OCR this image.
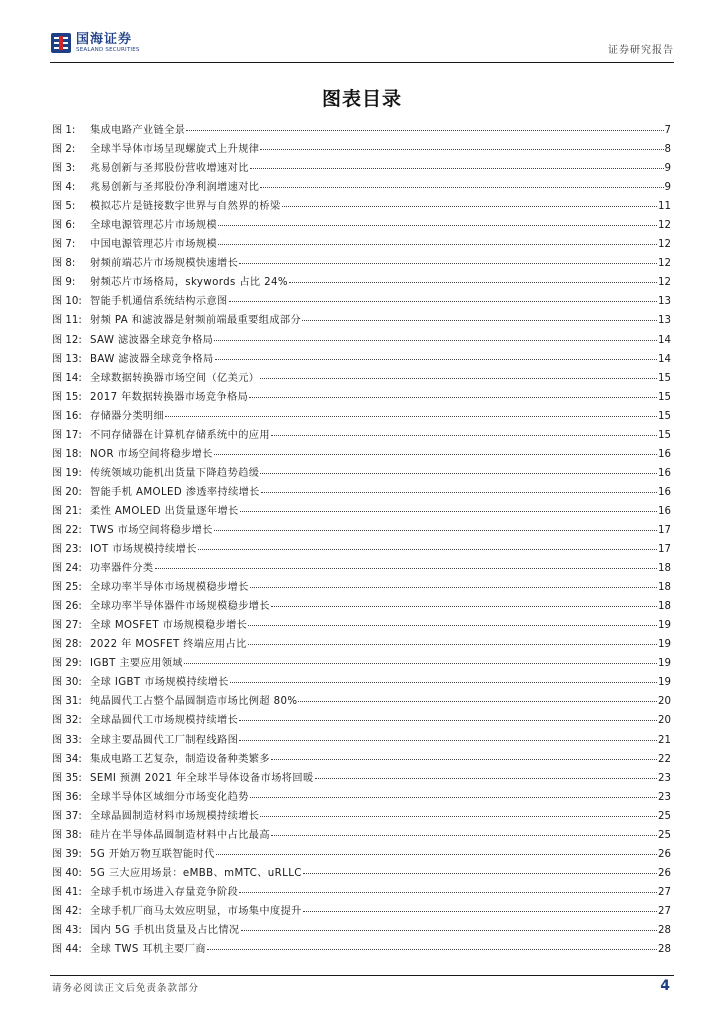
国海证券
SEALAND SECURITIES	证券研究报告
图表目录
图 1:	集成电路产业链全景	7
图 2:	全球半导体市场呈现螺旋式上升规律	8
图 3:	兆易创新与圣邦股份营收增速对比	9
图 4:	兆易创新与圣邦股份净利润增速对比	9
图 5:	模拟芯片是链接数字世界与自然界的桥梁	11
图 6:	全球电源管理芯片市场规模	12
图 7:	中国电源管理芯片市场规模	12
图 8:	射频前端芯片市场规模快速增长	12
图 9:	射频芯片市场格局，skywords 占比 24%	12
图 10: 智能手机通信系统结构示意图	13
图 11: 射频 PA 和滤波器是射频前端最重要组成部分	13
图 12: SAW 滤波器全球竞争格局	14
图 13: BAW 滤波器全球竞争格局	14
图 14: 全球数据转换器市场空间（亿美元）	15
图 15: 2017 年数据转换器市场竞争格局	15
图 16: 存储器分类明细	15
图 17: 不同存储器在计算机存储系统中的应用	15
图 18: NOR 市场空间将稳步增长	16
图 19: 传统领域功能机出货量下降趋势趋缓	16
图 20: 智能手机 AMOLED 渗透率持续增长	16
图 21: 柔性 AMOLED 出货量逐年增长	16
图 22: TWS 市场空间将稳步增长	17
图 23: IOT 市场规模持续增长	17
图 24: 功率器件分类	18
图 25: 全球功率半导体市场规模稳步增长	18
图 26: 全球功率半导体器件市场规模稳步增长	18
图 27: 全球 MOSFET 市场规模稳步增长	19
图 28: 2022 年 MOSFET 终端应用占比	19
图 29: IGBT 主要应用领域	19
图 30: 全球 IGBT 市场规模持续增长	19
图 31: 纯晶圆代工占整个晶圆制造市场比例超 80%	20
图 32: 全球晶圆代工市场规模持续增长	20
图 33: 全球主要晶圆代工厂制程线路图	21
图 34: 集成电路工艺复杂，制造设备种类繁多	22
图 35: SEMI 预测 2021 年全球半导体设备市场将回暖	23
图 36: 全球半导体区域细分市场变化趋势	23
图 37: 全球晶圆制造材料市场规模持续增长	25
图 38: 硅片在半导体晶圆制造材料中占比最高	25
图 39: 5G 开始万物互联智能时代	26
图 40: 5G 三大应用场景：eMBB、mMTC、uRLLC	26
图 41: 全球手机市场进入存量竞争阶段	27
图 42: 全球手机厂商马太效应明显，市场集中度提升	27
图 43: 国内 5G 手机出货量及占比情况	28
图 44: 全球 TWS 耳机主要厂商	28
请务必阅读正文后免责条款部分	4
